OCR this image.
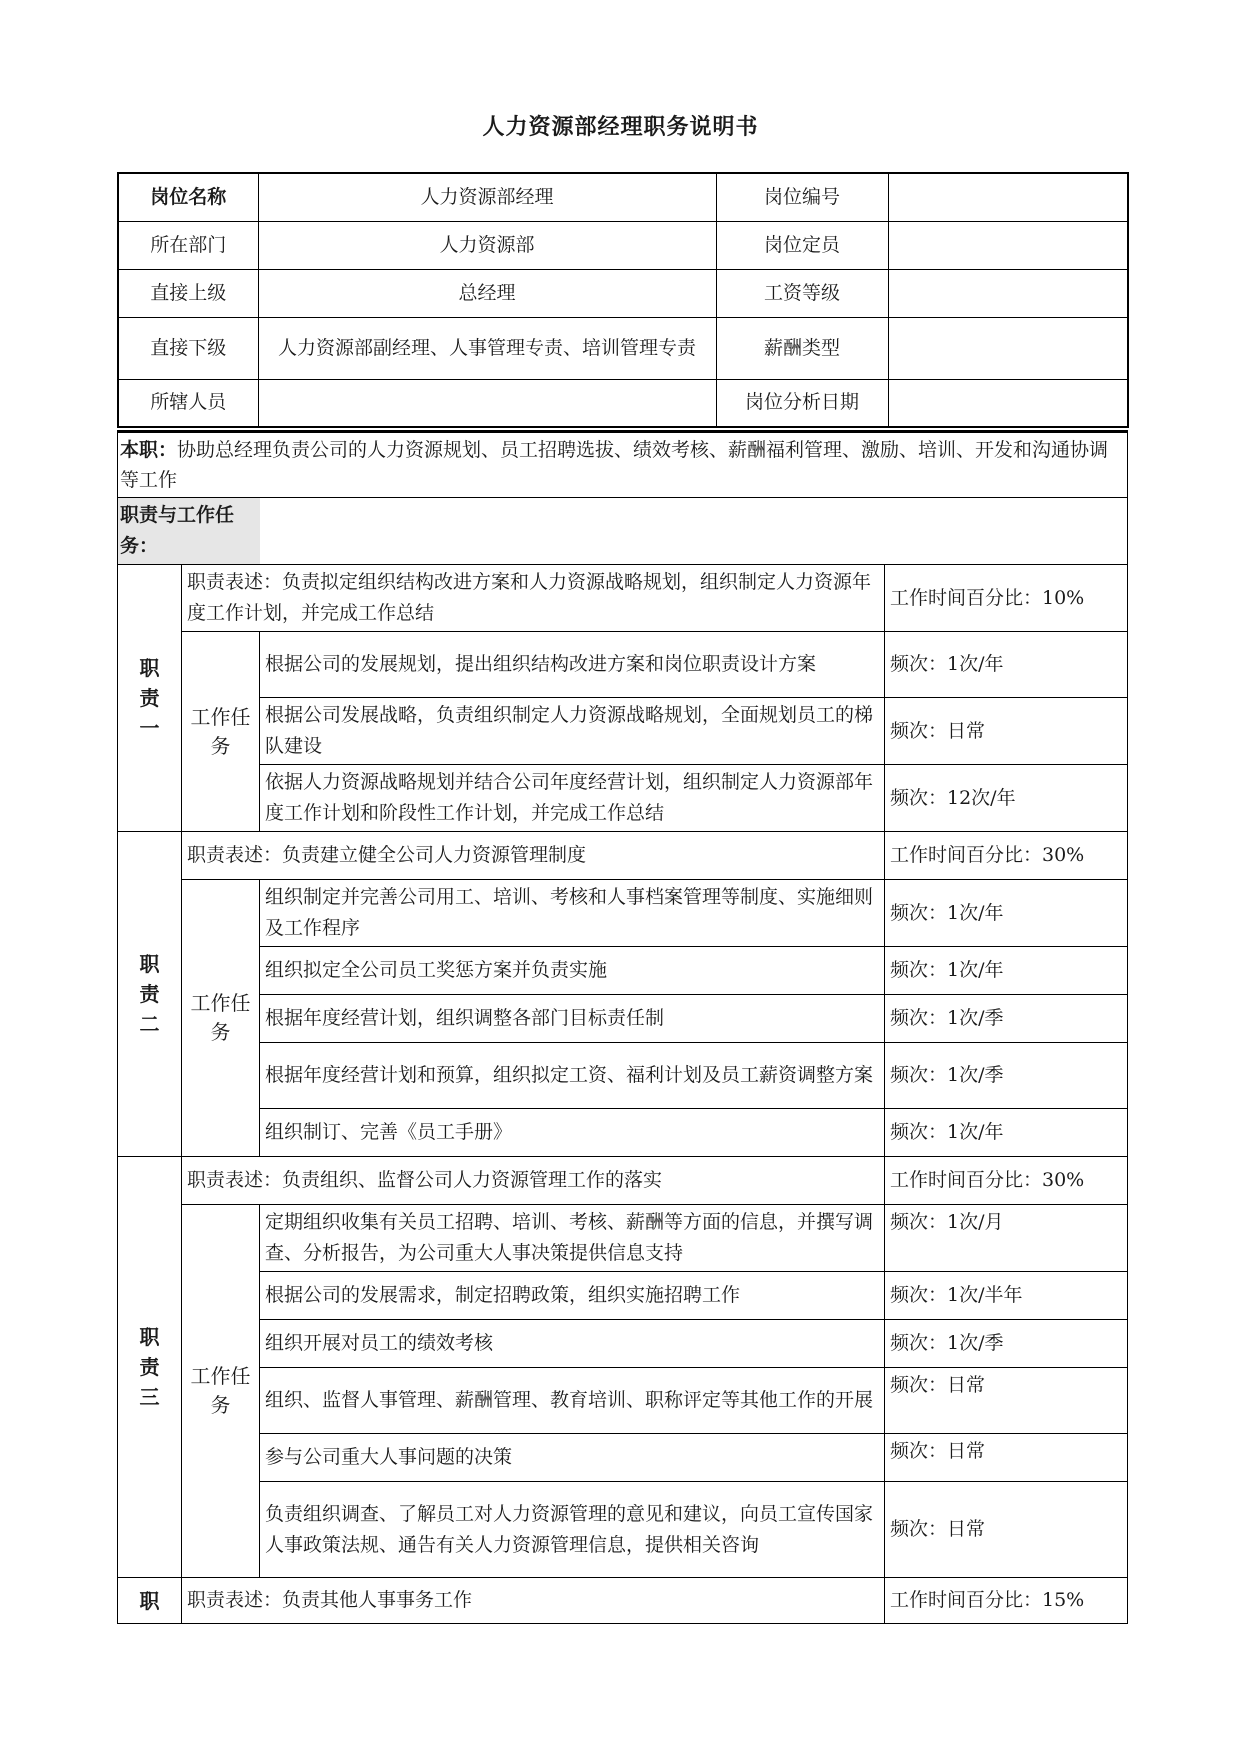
人力资源部经理职务说明书
岗位名称	人力资源部经理	岗位编号	
所在部门	人力资源部	岗位定员	
直接上级	总经理	工资等级	
直接下级	人力资源部副经理、人事管理专责、培训管理专责	薪酬类型	
所辖人员		岗位分析日期	
本职：协助总经理负责公司的人力资源规划、员工招聘选拔、绩效考核、薪酬福利管理、激励、培训、开发和沟通协调等工作			
职责与工作任务：			

职
责
一	职责表述：负责拟定组织结构改进方案和人力资源战略规划，组织制定人力资源年度工作计划，并完成工作总结		工作时间百分比：10%
	工作任务	根据公司的发展规划，提出组织结构改进方案和岗位职责设计方案	频次：1次/年
		根据公司发展战略，负责组织制定人力资源战略规划，全面规划员工的梯队建设	频次：日常
		依据人力资源战略规划并结合公司年度经营计划，组织制定人力资源部年度工作计划和阶段性工作计划，并完成工作总结	频次：12次/年

职
责
二	职责表述：负责建立健全公司人力资源管理制度		工作时间百分比：30%
	工作任务	组织制定并完善公司用工、培训、考核和人事档案管理等制度、实施细则及工作程序	频次：1次/年
		组织拟定全公司员工奖惩方案并负责实施	频次：1次/年
		根据年度经营计划，组织调整各部门目标责任制	频次：1次/季
		根据年度经营计划和预算，组织拟定工资、福利计划及员工薪资调整方案	频次：1次/季
		组织制订、完善《员工手册》	频次：1次/年

职
责
三	职责表述：负责组织、监督公司人力资源管理工作的落实		工作时间百分比：30%
	工作任务	定期组织收集有关员工招聘、培训、考核、薪酬等方面的信息，并撰写调查、分析报告，为公司重大人事决策提供信息支持	频次：1次/月
		根据公司的发展需求，制定招聘政策，组织实施招聘工作	频次：1次/半年
		组织开展对员工的绩效考核	频次：1次/季
		组织、监督人事管理、薪酬管理、教育培训、职称评定等其他工作的开展	频次：日常
		参与公司重大人事问题的决策	频次：日常
		负责组织调查、了解员工对人力资源管理的意见和建议，向员工宣传国家人事政策法规、通告有关人力资源管理信息，提供相关咨询	频次：日常
职	职责表述：负责其他人事事务工作		工作时间百分比：15%
